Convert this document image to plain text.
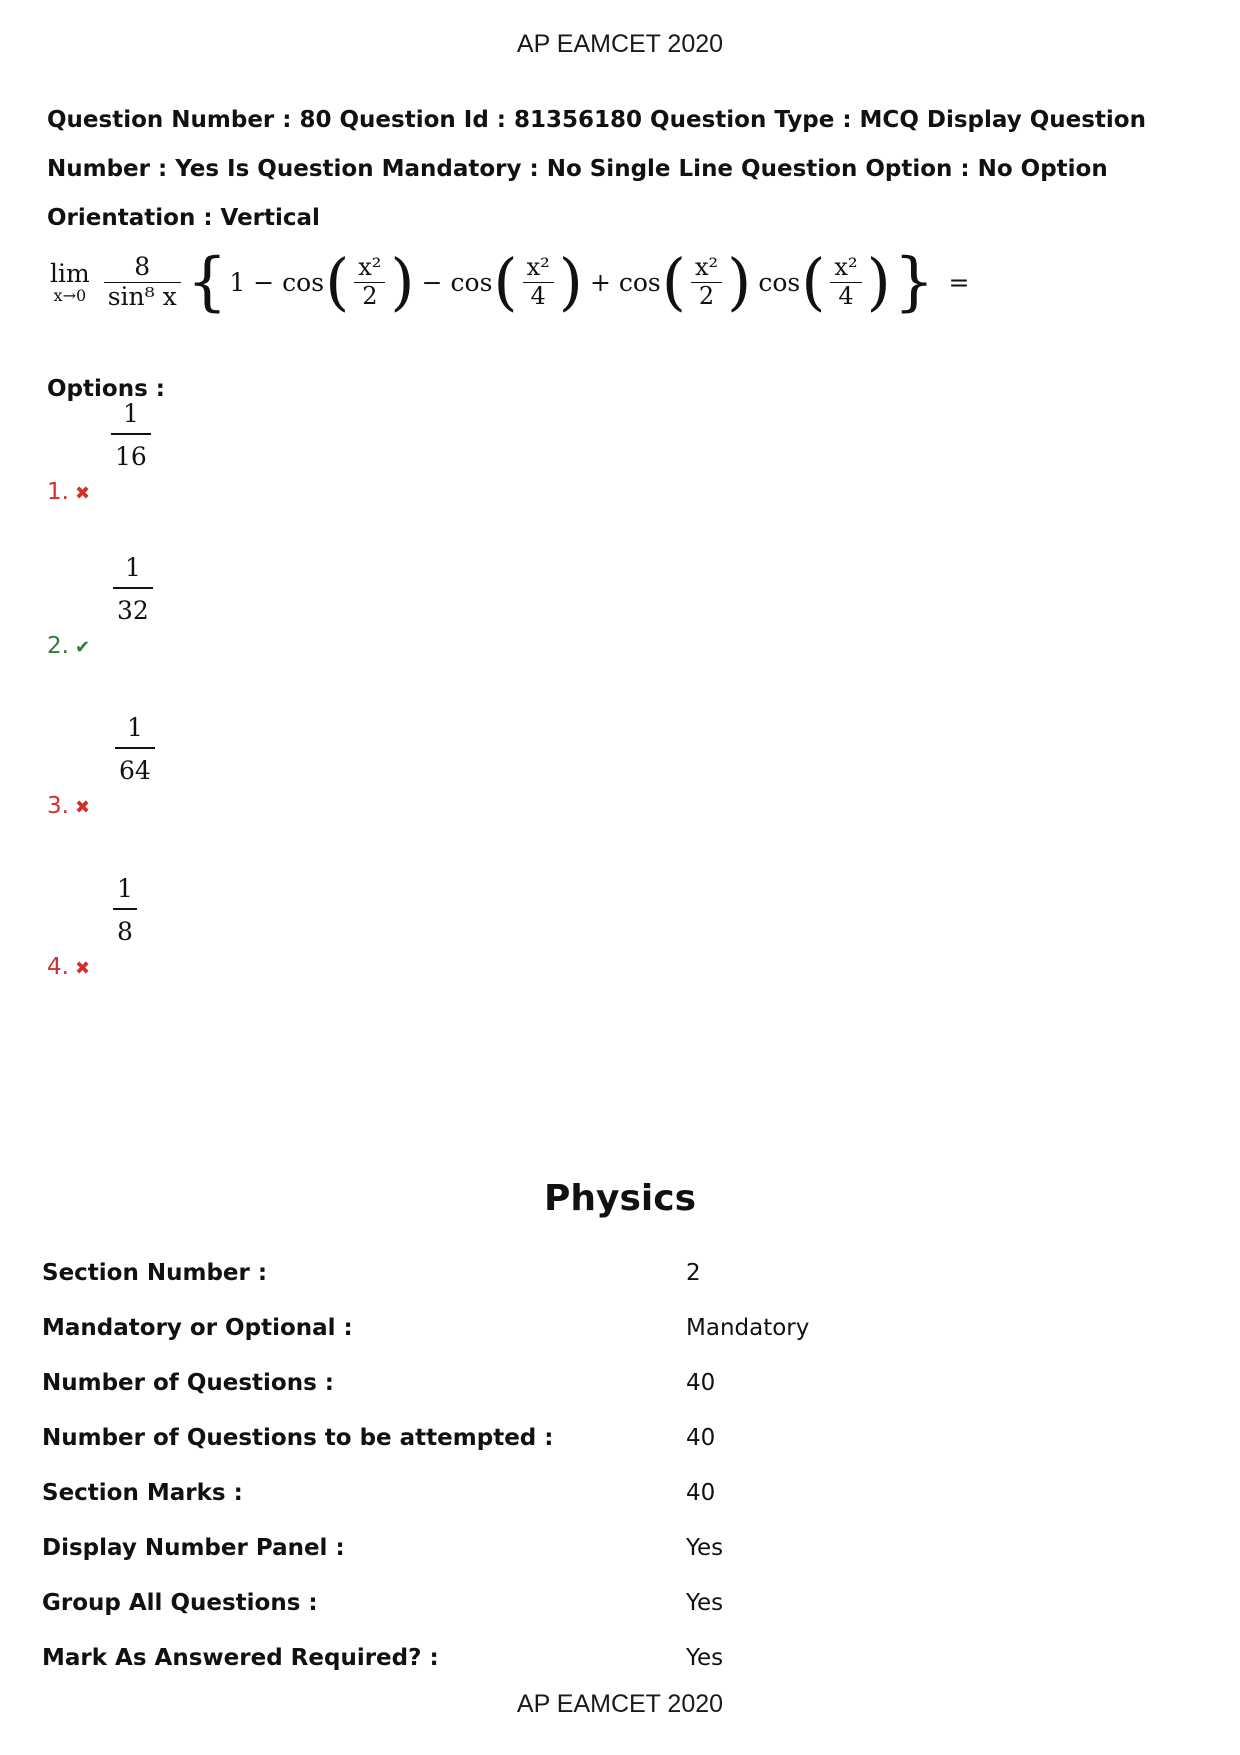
AP EAMCET 2020
Question Number : 80 Question Id : 81356180 Question Type : MCQ Display Question Number : Yes Is Question Mandatory : No Single Line Question Option : No Option Orientation : Vertical
lim
$x\to 0 \frac{8}{\text{sin⁸ x}}$ { 1 − cos ( $\frac{\text{x²}}{2}$ ) − cos ( $\frac{\text{x²}}{4}$ ) + cos ( $\frac{\text{x²}}{2}$ ) cos ( $\frac{\text{x²}}{4}$ ) } =
Options :
1. ✖
1
16
2. ✔
1
32
3. ✖
1
64
4. ✖
1
8
Physics
Section Number :	2
Mandatory or Optional :	Mandatory
Number of Questions :	40
Number of Questions to be attempted :	40
Section Marks :	40
Display Number Panel :	Yes
Group All Questions :	Yes
Mark As Answered Required? :	Yes
AP EAMCET 2020
